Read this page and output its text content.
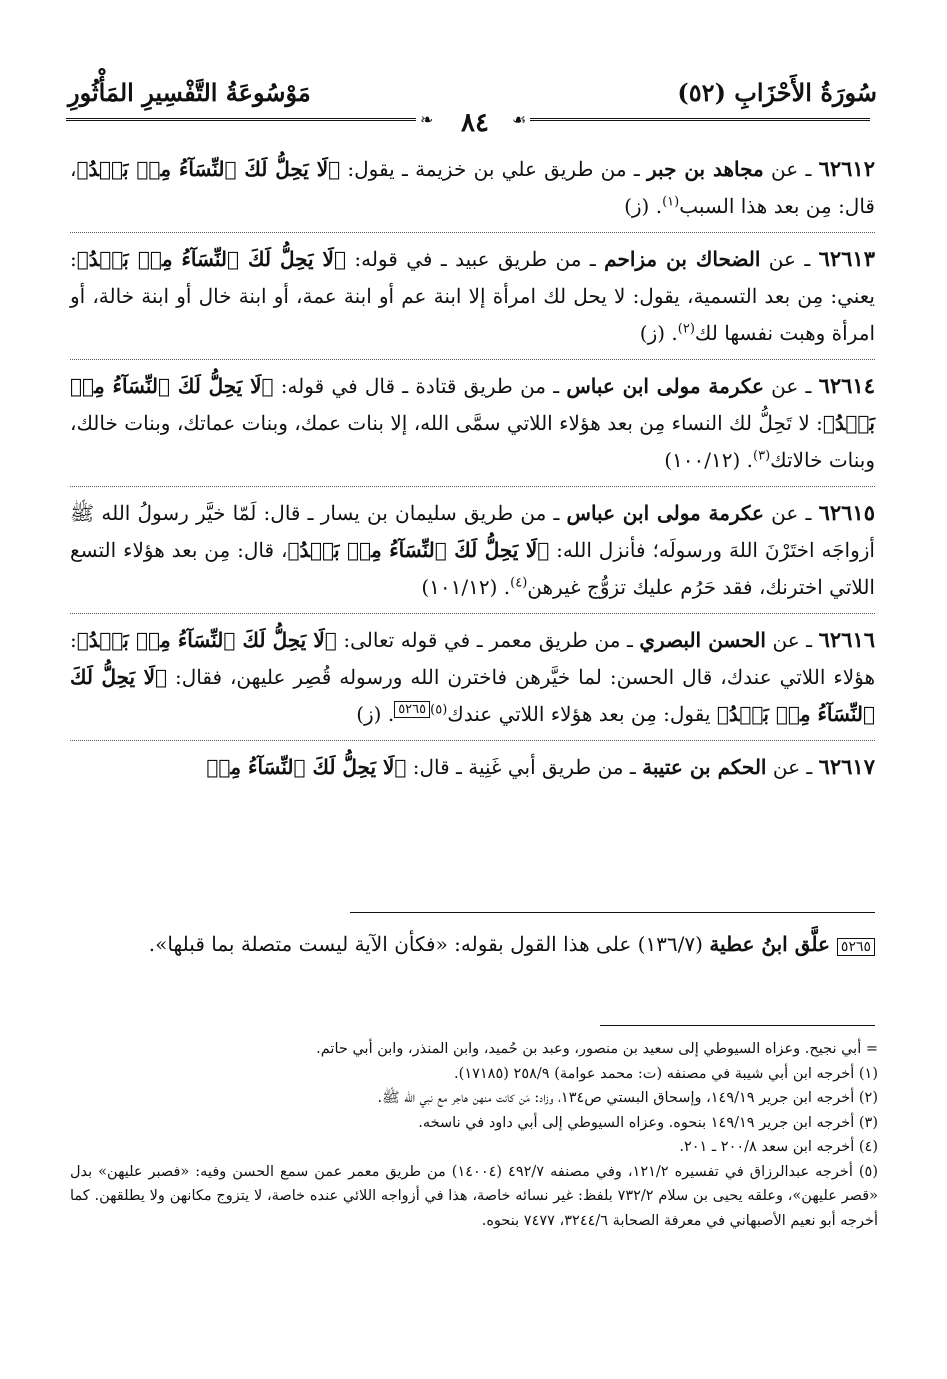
سُورَةُ الأَحْزَابِ (٥٢)
مَوْسُوعَةُ التَّفْسِيرِ المَأْثُورِ
❧	☙
٨٤

٦٢٦١٢ ـ عن مجاهد بن جبر ـ من طريق علي بن خزيمة ـ يقول: ﴿لَا يَحِلُّ لَكَ ٱلنِّسَآءُ مِنۢ بَعۡدُ﴾، قال: مِن بعد هذا السبب$^{(١)}$. (ز)

٦٢٦١٣ ـ عن الضحاك بن مزاحم ـ من طريق عبيد ـ في قوله: ﴿لَا يَحِلُّ لَكَ ٱلنِّسَآءُ مِنۢ بَعۡدُ﴾: يعني: مِن بعد التسمية، يقول: لا يحل لك امرأة إلا ابنة عم أو ابنة عمة، أو ابنة خال أو ابنة خالة، أو امرأة وهبت نفسها لك$^{(٢)}$. (ز)

٦٢٦١٤ ـ عن عكرمة مولى ابن عباس ـ من طريق قتادة ـ قال في قوله: ﴿لَا يَحِلُّ لَكَ ٱلنِّسَآءُ مِنۢ بَعۡدُ﴾: لا تَحِلُّ لك النساء مِن بعد هؤلاء اللاتي سمَّى الله، إلا بنات عمك، وبنات عماتك، وبنات خالك، وبنات خالاتك$^{(٣)}$. (١٠٠/١٢)

٦٢٦١٥ ـ عن عكرمة مولى ابن عباس ـ من طريق سليمان بن يسار ـ قال: لَمّا خيَّر رسولُ الله ﷺ أزواجَه اختَرْنَ اللهَ ورسولَه؛ فأنزل الله: ﴿لَا يَحِلُّ لَكَ ٱلنِّسَآءُ مِنۢ بَعۡدُ﴾، قال: مِن بعد هؤلاء التسع اللاتي اخترنك، فقد حَرُم عليك تزوُّج غيرهن$^{(٤)}$. (١٠١/١٢)

٦٢٦١٦ ـ عن الحسن البصري ـ من طريق معمر ـ في قوله تعالى: ﴿لَا يَحِلُّ لَكَ ٱلنِّسَآءُ مِنۢ بَعۡدُ﴾: هؤلاء اللاتي عندك، قال الحسن: لما خيَّرهن فاخترن الله ورسوله قُصِر عليهن، فقال: ﴿لَا يَحِلُّ لَكَ ٱلنِّسَآءُ مِنۢ بَعۡدُ﴾ يقول: مِن بعد هؤلاء اللاتي عندك$^{(٥)٥٢٦٥}$. (ز)

٦٢٦١٧ ـ عن الحكم بن عتيبة ـ من طريق أبي غَنِية ـ قال: ﴿لَا يَحِلُّ لَكَ ٱلنِّسَآءُ مِنۢ

٥٢٦٥ علَّق ابنُ عطية (١٣٦/٧) على هذا القول بقوله: «فكأن الآية ليست متصلة بما قبلها».

= أبي نجيح. وعزاه السيوطي إلى سعيد بن منصور، وعبد بن حُميد، وابن المنذر، وابن أبي حاتم.

(١) أخرجه ابن أبي شيبة في مصنفه (ت: محمد عوامة) ٢٥٨/٩ (١٧١٨٥).

(٢) أخرجه ابن جرير ١٤٩/١٩، وإسحاق البستي ص١٣٤، وزاد: مَن كانت منهن هاجر مع نبي الله ﷺ.

(٣) أخرجه ابن جرير ١٤٩/١٩ بنحوه. وعزاه السيوطي إلى أبي داود في ناسخه.

(٤) أخرجه ابن سعد ٢٠٠/٨ ـ ٢٠١.

(٥) أخرجه عبدالرزاق في تفسيره ١٢١/٢، وفي مصنفه ٤٩٢/٧ (١٤٠٠٤) من طريق معمر عمن سمع الحسن وفيه: «فصبر عليهن» بدل «قصر عليهن»، وعلقه يحيى بن سلام ٧٣٢/٢ بلفظ: غير نسائه خاصة، هذا في أزواجه اللائي عنده خاصة، لا يتزوج مكانهن ولا يطلقهن. كما أخرجه أبو نعيم الأصبهاني في معرفة الصحابة ٣٢٤٤/٦، ٧٤٧٧ بنحوه.
